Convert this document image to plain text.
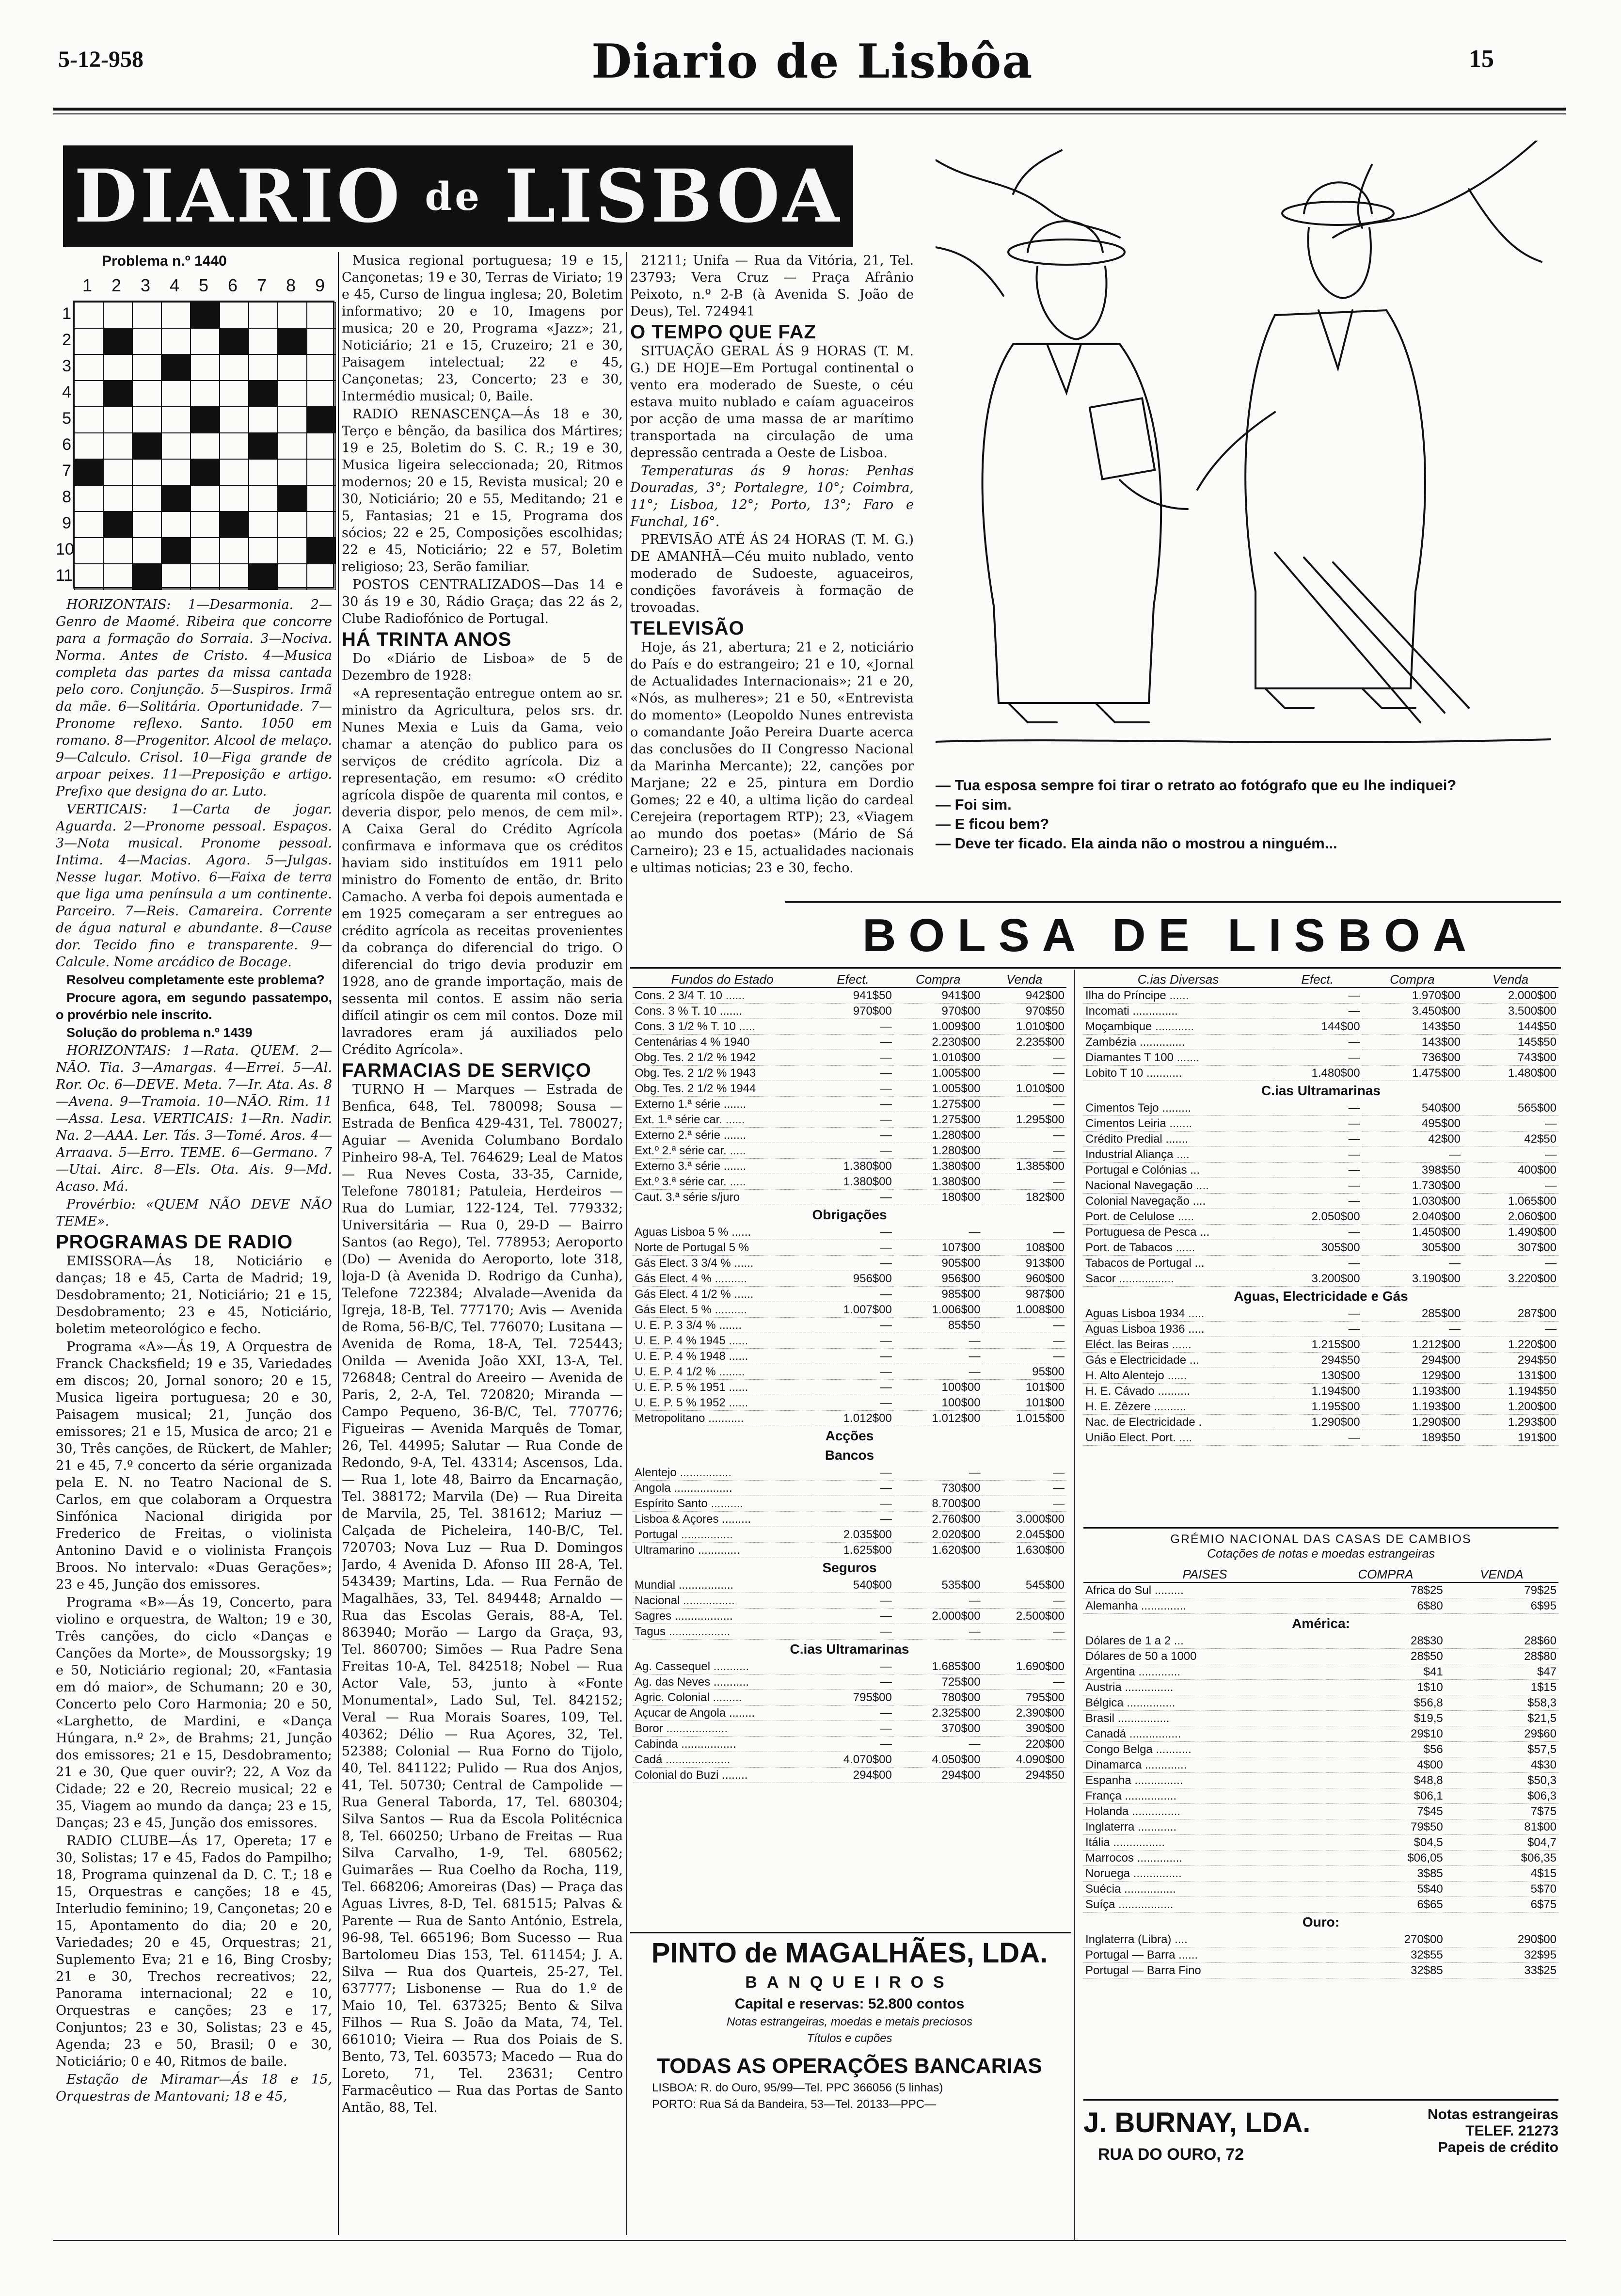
5-12-958	Diario de Lisbôa	15
DIARIO de LISBOA
Problema n.º 1440
1	2	3	4	5	6	7	8	9
1
2
3
4
5
6
7
8
9
10
11

HORIZONTAIS: 1—Desarmonia. 2—Genro de Maomé. Ribeira que concorre para a formação do Sorraia. 3—Nociva. Norma. Antes de Cristo. 4—Musica completa das partes da missa cantada pelo coro. Conjunção. 5—Suspiros. Irmã da mãe. 6—Solitária. Oportunidade. 7—Pronome reflexo. Santo. 1050 em romano. 8—Progenitor. Alcool de melaço. 9—Calculo. Crisol. 10—Figa grande de arpoar peixes. 11—Preposição e artigo. Prefixo que designa do ar. Luto.

VERTICAIS: 1—Carta de jogar. Aguarda. 2—Pronome pessoal. Espaços. 3—Nota musical. Pronome pessoal. Intima. 4—Macias. Agora. 5—Julgas. Nesse lugar. Motivo. 6—Faixa de terra que liga uma península a um continente. Parceiro. 7—Reis. Camareira. Corrente de água natural e abundante. 8—Cause dor. Tecido fino e transparente. 9—Calcule. Nome arcádico de Bocage.

Resolveu completamente este problema?

Procure agora, em segundo passatempo, o provérbio nele inscrito.

Solução do problema n.º 1439

HORIZONTAIS: 1—Rata. QUEM. 2—NÃO. Tia. 3—Amargas. 4—Errei. 5—Al. Ror. Oc. 6—DEVE. Meta. 7—Ir. Ata. As. 8—Avena. 9—Tramoia. 10—NÃO. Rim. 11—Assa. Lesa. VERTICAIS: 1—Rn. Nadir. Na. 2—AAA. Ler. Tás. 3—Tomé. Aros. 4—Arraava. 5—Erro. TEME. 6—Germano. 7—Utai. Airc. 8—Els. Ota. Ais. 9—Md. Acaso. Má.

Provérbio: «QUEM NÃO DEVE NÃO TEME».

PROGRAMAS DE RADIO

EMISSORA—Ás 18, Noticiário e danças; 18 e 45, Carta de Madrid; 19, Desdobramento; 21, Noticiário; 21 e 15, Desdobramento; 23 e 45, Noticiário, boletim meteorológico e fecho.

Programa «A»—Ás 19, A Orquestra de Franck Chacksfield; 19 e 35, Variedades em discos; 20, Jornal sonoro; 20 e 15, Musica ligeira portuguesa; 20 e 30, Paisagem musical; 21, Junção dos emissores; 21 e 15, Musica de arco; 21 e 30, Três canções, de Rückert, de Mahler; 21 e 45, 7.º concerto da série organizada pela E. N. no Teatro Nacional de S. Carlos, em que colaboram a Orquestra Sinfónica Nacional dirigida por Frederico de Freitas, o violinista Antonino David e o violinista François Broos. No intervalo: «Duas Gerações»; 23 e 45, Junção dos emissores.

Programa «B»—Ás 19, Concerto, para violino e orquestra, de Walton; 19 e 30, Três canções, do ciclo «Danças e Canções da Morte», de Moussorgsky; 19 e 50, Noticiário regional; 20, «Fantasia em dó maior», de Schumann; 20 e 30, Concerto pelo Coro Harmonia; 20 e 50, «Larghetto, de Mardini, e «Dança Húngara, n.º 2», de Brahms; 21, Junção dos emissores; 21 e 15, Desdobramento; 21 e 30, Que quer ouvir?; 22, A Voz da Cidade; 22 e 20, Recreio musical; 22 e 35, Viagem ao mundo da dança; 23 e 15, Danças; 23 e 45, Junção dos emissores.

RADIO CLUBE—Ás 17, Opereta; 17 e 30, Solistas; 17 e 45, Fados do Pampilho; 18, Programa quinzenal da D. C. T.; 18 e 15, Orquestras e canções; 18 e 45, Interludio feminino; 19, Cançonetas; 20 e 15, Apontamento do dia; 20 e 20, Variedades; 20 e 45, Orquestras; 21, Suplemento Eva; 21 e 16, Bing Crosby; 21 e 30, Trechos recreativos; 22, Panorama internacional; 22 e 10, Orquestras e canções; 23 e 17, Conjuntos; 23 e 30, Solistas; 23 e 45, Agenda; 23 e 50, Brasil; 0 e 30, Noticiário; 0 e 40, Ritmos de baile.

Estação de Miramar—Ás 18 e 15, Orquestras de Mantovani; 18 e 45,

Musica regional portuguesa; 19 e 15, Cançonetas; 19 e 30, Terras de Viriato; 19 e 45, Curso de lingua inglesa; 20, Boletim informativo; 20 e 10, Imagens por musica; 20 e 20, Programa «Jazz»; 21, Noticiário; 21 e 15, Cruzeiro; 21 e 30, Paisagem intelectual; 22 e 45, Cançonetas; 23, Concerto; 23 e 30, Intermédio musical; 0, Baile.

RADIO RENASCENÇA—Ás 18 e 30, Terço e bênção, da basilica dos Mártires; 19 e 25, Boletim do S. C. R.; 19 e 30, Musica ligeira seleccionada; 20, Ritmos modernos; 20 e 15, Revista musical; 20 e 30, Noticiário; 20 e 55, Meditando; 21 e 5, Fantasias; 21 e 15, Programa dos sócios; 22 e 25, Composições escolhidas; 22 e 45, Noticiário; 22 e 57, Boletim religioso; 23, Serão familiar.

POSTOS CENTRALIZADOS—Das 14 e 30 ás 19 e 30, Rádio Graça; das 22 ás 2, Clube Radiofónico de Portugal.

HÁ TRINTA ANOS

Do «Diário de Lisboa» de 5 de Dezembro de 1928:

«A representação entregue ontem ao sr. ministro da Agricultura, pelos srs. dr. Nunes Mexia e Luis da Gama, veio chamar a atenção do publico para os serviços de crédito agrícola. Diz a representação, em resumo: «O crédito agrícola dispõe de quarenta mil contos, e deveria dispor, pelo menos, de cem mil». A Caixa Geral do Crédito Agrícola confirmava e informava que os créditos haviam sido instituídos em 1911 pelo ministro do Fomento de então, dr. Brito Camacho. A verba foi depois aumentada e em 1925 começaram a ser entregues ao crédito agrícola as receitas provenientes da cobrança do diferencial do trigo. O diferencial do trigo devia produzir em 1928, ano de grande importação, mais de sessenta mil contos. E assim não seria difícil atingir os cem mil contos. Doze mil lavradores eram já auxiliados pelo Crédito Agrícola».

FARMACIAS DE SERVIÇO

TURNO H — Marques — Estrada de Benfica, 648, Tel. 780098; Sousa — Estrada de Benfica 429-431, Tel. 780027; Aguiar — Avenida Columbano Bordalo Pinheiro 98-A, Tel. 764629; Leal de Matos — Rua Neves Costa, 33-35, Carnide, Telefone 780181; Patuleia, Herdeiros — Rua do Lumiar, 122-124, Tel. 779332; Universitária — Rua 0, 29-D — Bairro Santos (ao Rego), Tel. 778953; Aeroporto (Do) — Avenida do Aeroporto, lote 318, loja-D (à Avenida D. Rodrigo da Cunha), Telefone 722384; Alvalade—Avenida da Igreja, 18-B, Tel. 777170; Avis — Avenida de Roma, 56-B/C, Tel. 776070; Lusitana — Avenida de Roma, 18-A, Tel. 725443; Onilda — Avenida João XXI, 13-A, Tel. 726848; Central do Areeiro — Avenida de Paris, 2, 2-A, Tel. 720820; Miranda — Campo Pequeno, 36-B/C, Tel. 770776; Figueiras — Avenida Marquês de Tomar, 26, Tel. 44995; Salutar — Rua Conde de Redondo, 9-A, Tel. 43314; Ascensos, Lda. — Rua 1, lote 48, Bairro da Encarnação, Tel. 388172; Marvila (De) — Rua Direita de Marvila, 25, Tel. 381612; Mariuz — Calçada de Picheleira, 140-B/C, Tel. 720703; Nova Luz — Rua D. Domingos Jardo, 4 Avenida D. Afonso III 28-A, Tel. 543439; Martins, Lda. — Rua Fernão de Magalhães, 33, Tel. 849448; Arnaldo — Rua das Escolas Gerais, 88-A, Tel. 863940; Morão — Largo da Graça, 93, Tel. 860700; Simões — Rua Padre Sena Freitas 10-A, Tel. 842518; Nobel — Rua Actor Vale, 53, junto à «Fonte Monumental», Lado Sul, Tel. 842152; Veral — Rua Morais Soares, 109, Tel. 40362; Délio — Rua Açores, 32, Tel. 52388; Colonial — Rua Forno do Tijolo, 40, Tel. 841122; Pulido — Rua dos Anjos, 41, Tel. 50730; Central de Campolide — Rua General Taborda, 17, Tel. 680304; Silva Santos — Rua da Escola Politécnica 8, Tel. 660250; Urbano de Freitas — Rua Silva Carvalho, 1-9, Tel. 680562; Guimarães — Rua Coelho da Rocha, 119, Tel. 668206; Amoreiras (Das) — Praça das Aguas Livres, 8-D, Tel. 681515; Palvas & Parente — Rua de Santo António, Estrela, 96-98, Tel. 665196; Bom Sucesso — Rua Bartolomeu Dias 153, Tel. 611454; J. A. Silva — Rua dos Quarteis, 25-27, Tel. 637777; Lisbonense — Rua do 1.º de Maio 10, Tel. 637325; Bento & Silva Filhos — Rua S. João da Mata, 74, Tel. 661010; Vieira — Rua dos Poiais de S. Bento, 73, Tel. 603573; Macedo — Rua do Loreto, 71, Tel. 23631; Centro Farmacêutico — Rua das Portas de Santo Antão, 88, Tel.

21211; Unifa — Rua da Vitória, 21, Tel. 23793; Vera Cruz — Praça Afrânio Peixoto, n.º 2-B (à Avenida S. João de Deus), Tel. 724941

O TEMPO QUE FAZ

SITUAÇÃO GERAL ÁS 9 HORAS (T. M. G.) DE HOJE—Em Portugal continental o vento era moderado de Sueste, o céu estava muito nublado e caíam aguaceiros por acção de uma massa de ar marítimo transportada na circulação de uma depressão centrada a Oeste de Lisboa.

Temperaturas ás 9 horas: Penhas Douradas, 3°; Portalegre, 10°; Coimbra, 11°; Lisboa, 12°; Porto, 13°; Faro e Funchal, 16°.

PREVISÃO ATÉ ÁS 24 HORAS (T. M. G.) DE AMANHÃ—Céu muito nublado, vento moderado de Sudoeste, aguaceiros, condições favoráveis à formação de trovoadas.

TELEVISÃO

Hoje, ás 21, abertura; 21 e 2, noticiário do País e do estrangeiro; 21 e 10, «Jornal de Actualidades Internacionais»; 21 e 20, «Nós, as mulheres»; 21 e 50, «Entrevista do momento» (Leopoldo Nunes entrevista o comandante João Pereira Duarte acerca das conclusões do II Congresso Nacional da Marinha Mercante); 22, canções por Marjane; 22 e 25, pintura em Dordio Gomes; 22 e 40, a ultima lição do cardeal Cerejeira (reportagem RTP); 23, «Viagem ao mundo dos poetas» (Mário de Sá Carneiro); 23 e 15, actualidades nacionais e ultimas noticias; 23 e 30, fecho.

— Tua esposa sempre foi tirar o retrato ao fotógrafo que eu lhe indiquei?
— Foi sim.
— E ficou bem?
— Deve ter ficado. Ela ainda não o mostrou a ninguém...
BOLSA DE LISBOA
Fundos do Estado	Efect.	Compra	Venda
Cons. 2 3/4 T. 10 ......	941$50	941$00	942$00
Cons. 3 % T. 10 .......	970$00	970$00	970$50
Cons. 3 1/2 % T. 10 .....	—	1.009$00	1.010$00
Centenárias 4 % 1940	—	2.230$00	2.235$00
Obg. Tes. 2 1/2 % 1942	—	1.010$00	—
Obg. Tes. 2 1/2 % 1943	—	1.005$00	—
Obg. Tes. 2 1/2 % 1944	—	1.005$00	1.010$00
Externo 1.ª série .......	—	1.275$00	—
Ext. 1.ª série car. ......	—	1.275$00	1.295$00
Externo 2.ª série .......	—	1.280$00	—
Ext.º 2.ª série car. .....	—	1.280$00	—
Externo 3.ª série .......	1.380$00	1.380$00	1.385$00
Ext.º 3.ª série car. .....	1.380$00	1.380$00	—
Caut. 3.ª série s/juro	—	180$00	182$00
Obrigações			
Aguas Lisboa 5 % ......	—	—	—
Norte de Portugal 5 %	—	107$00	108$00
Gás Elect. 3 3/4 % ......	—	905$00	913$00
Gás Elect. 4 % ..........	956$00	956$00	960$00
Gás Elect. 4 1/2 % ......	—	985$00	987$00
Gás Elect. 5 % ..........	1.007$00	1.006$00	1.008$00
U. E. P. 3 3/4 % .......	—	85$50	—
U. E. P. 4 % 1945 ......	—	—	—
U. E. P. 4 % 1948 ......	—	—	—
U. E. P. 4 1/2 % ........	—	—	95$00
U. E. P. 5 % 1951 ......	—	100$00	101$00
U. E. P. 5 % 1952 ......	—	100$00	101$00
Metropolitano ...........	1.012$00	1.012$00	1.015$00
Acções			
Bancos			
Alentejo ................	—	—	—
Angola ..................	—	730$00	—
Espírito Santo ..........	—	8.700$00	—
Lisboa & Açores .........	—	2.760$00	3.000$00
Portugal ................	2.035$00	2.020$00	2.045$00
Ultramarino .............	1.625$00	1.620$00	1.630$00
Seguros			
Mundial .................	540$00	535$00	545$00
Nacional ................	—	—	—
Sagres ..................	—	2.000$00	2.500$00
Tagus ...................	—	—	—
C.ias Ultramarinas			
Ag. Cassequel ...........	—	1.685$00	1.690$00
Ag. das Neves ...........	—	725$00	—
Agric. Colonial .........	795$00	780$00	795$00
Açucar de Angola ........	—	2.325$00	2.390$00
Boror ...................	—	370$00	390$00
Cabinda .................	—	—	220$00
Cadá ....................	4.070$00	4.050$00	4.090$00
Colonial do Buzi ........	294$00	294$00	294$50
C.ias Diversas	Efect.	Compra	Venda
Ilha do Príncipe ......	—	1.970$00	2.000$00
Incomati ..............	—	3.450$00	3.500$00
Moçambique ............	144$00	143$50	144$50
Zambézia ..............	—	143$00	145$50
Diamantes T 100 .......	—	736$00	743$00
Lobito T 10 ...........	1.480$00	1.475$00	1.480$00
C.ias Ultramarinas			
Cimentos Tejo .........	—	540$00	565$00
Cimentos Leiria .......	—	495$00	—
Crédito Predial .......	—	42$00	42$50
Industrial Aliança ....	—	—	—
Portugal e Colónias ...	—	398$50	400$00
Nacional Navegação ....	—	1.730$00	—
Colonial Navegação ....	—	1.030$00	1.065$00
Port. de Celulose .....	2.050$00	2.040$00	2.060$00
Portuguesa de Pesca ...	—	1.450$00	1.490$00
Port. de Tabacos ......	305$00	305$00	307$00
Tabacos de Portugal ...	—	—	—
Sacor .................	3.200$00	3.190$00	3.220$00
Aguas, Electricidade e Gás			
Aguas Lisboa 1934 .....	—	285$00	287$00
Aguas Lisboa 1936 .....	—	—	—
Eléct. las Beiras ......	1.215$00	1.212$00	1.220$00
Gás e Electricidade ...	294$50	294$00	294$50
H. Alto Alentejo ......	130$00	129$00	131$00
H. E. Cávado ..........	1.194$00	1.193$00	1.194$50
H. E. Zêzere ..........	1.195$00	1.193$00	1.200$00
Nac. de Electricidade .	1.290$00	1.290$00	1.293$00
União Elect. Port. ....	—	189$50	191$00
GRÉMIO NACIONAL DAS CASAS DE CAMBIOS
Cotações de notas e moedas estrangeiras
PAISES	COMPRA	VENDA
Africa do Sul .........	78$25	79$25
Alemanha ..............	6$80	6$95
América:		
Dólares de 1 a 2 ...	28$30	28$60
Dólares de 50 a 1000	28$50	28$80
Argentina .............	$41	$47
Austria ...............	1$10	1$15
Bélgica ...............	$56,8	$58,3
Brasil ................	$19,5	$21,5
Canadá ................	29$10	29$60
Congo Belga ...........	$56	$57,5
Dinamarca .............	4$00	4$30
Espanha ...............	$48,8	$50,3
França ................	$06,1	$06,3
Holanda ...............	7$45	7$75
Inglaterra ............	79$50	81$00
Itália ................	$04,5	$04,7
Marrocos ..............	$06,05	$06,35
Noruega ...............	3$85	4$15
Suécia ................	5$40	5$70
Suíça .................	6$65	6$75
Ouro:		
Inglaterra (Libra) ....	270$00	290$00
Portugal — Barra ......	32$55	32$95
Portugal — Barra Fino	32$85	33$25
PINTO de MAGALHÃES, LDA.
BANQUEIROS
Capital e reservas: 52.800 contos
Notas estrangeiras, moedas e metais preciosos
Títulos e cupões
TODAS AS OPERAÇÕES BANCARIAS
LISBOA: R. do Ouro, 95/99—Tel. PPC 366056 (5 linhas)
PORTO: Rua Sá da Bandeira, 53—Tel. 20133—PPC—
J. BURNAY, LDA.	Notas estrangeiras
TELEF. 21273
Papeis de crédito
RUA DO OURO, 72
